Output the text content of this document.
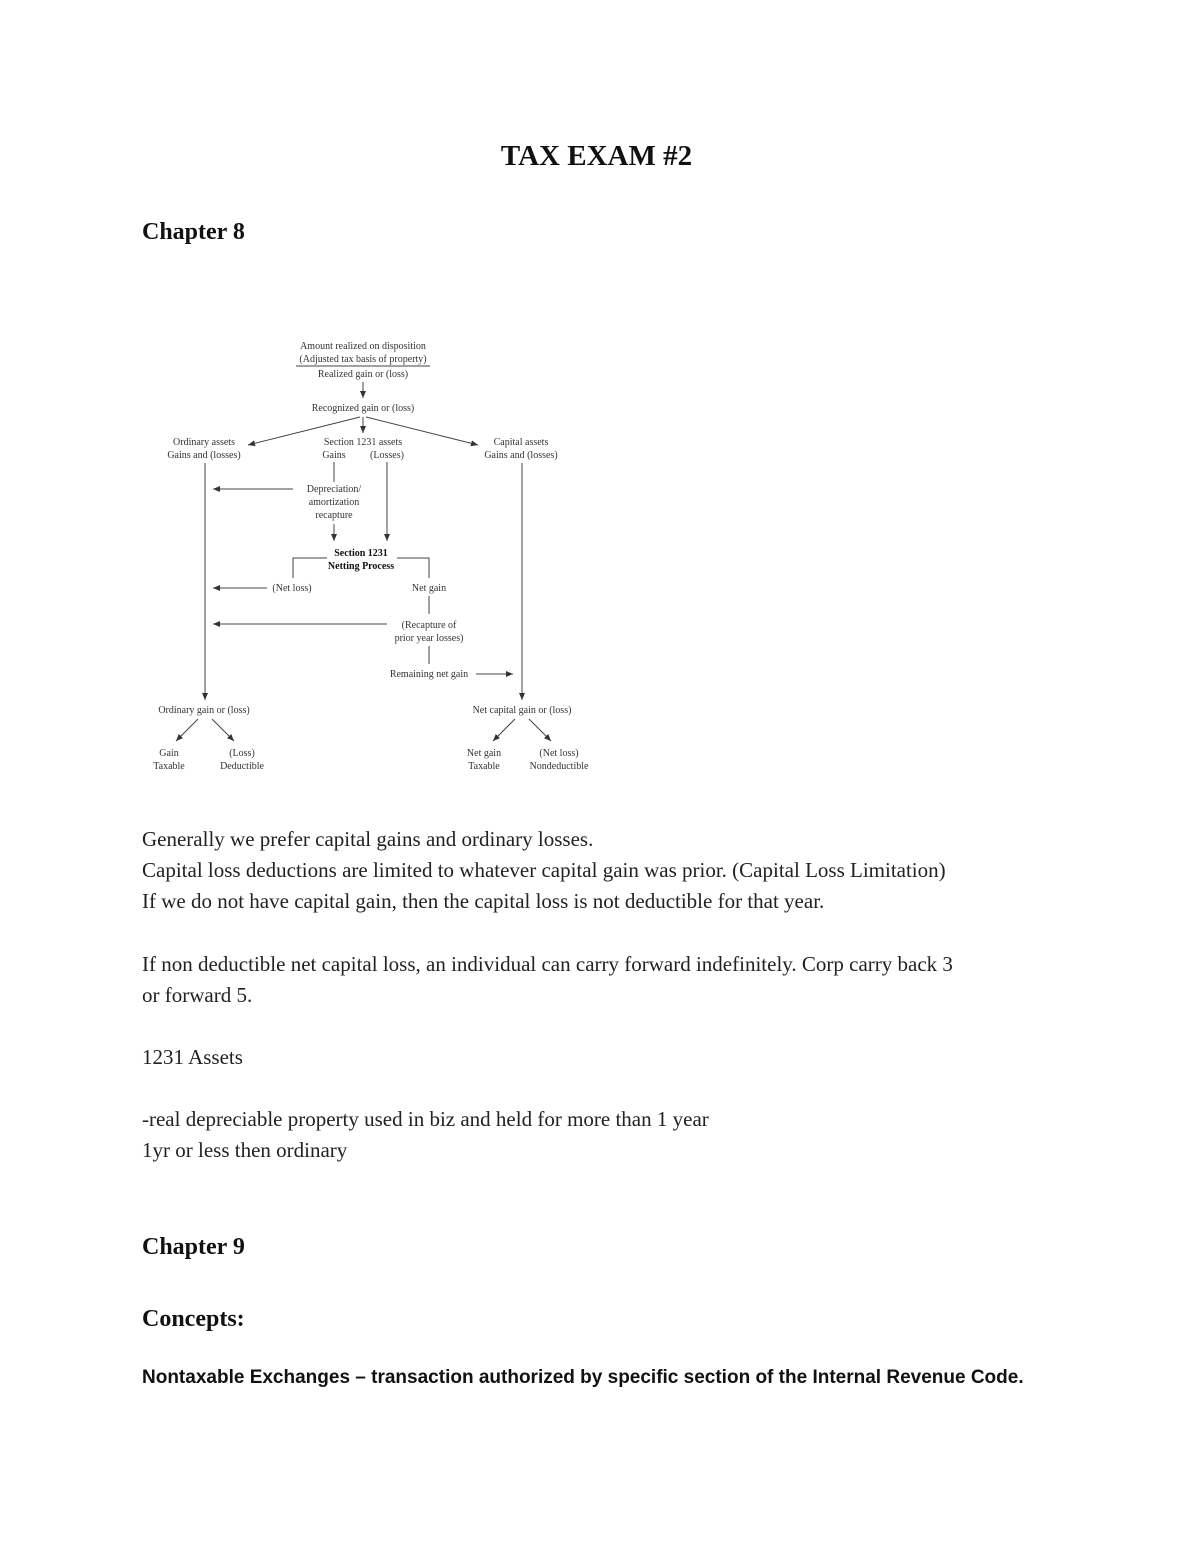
TAX EXAM #2
Chapter 8
Amount realized on disposition
(Adjusted tax basis of property)
Realized gain or (loss)
Recognized gain or (loss)
Ordinary assets
Gains and (losses)
Section 1231 assets
Gains (Losses)
Capital assets
Gains and (losses)
Depreciation/
amortization
recapture
Section 1231
Netting Process
(Net loss)	Net gain
(Recapture of
prior year losses)
Remaining net gain
Ordinary gain or (loss)	Net capital gain or (loss)
Gain
Taxable
(Loss)
Deductible
Net gain
Taxable
(Net loss)
Nondeductible
Generally we prefer capital gains and ordinary losses.
Capital loss deductions are limited to whatever capital gain was prior. (Capital Loss Limitation)
If we do not have capital gain, then the capital loss is not deductible for that year.
If non deductible net capital loss, an individual can carry forward indefinitely. Corp carry back 3
or forward 5.
1231 Assets
-real depreciable property used in biz and held for more than 1 year
1yr or less then ordinary
Chapter 9
Concepts:
Nontaxable Exchanges – transaction authorized by specific section of the Internal Revenue Code.
